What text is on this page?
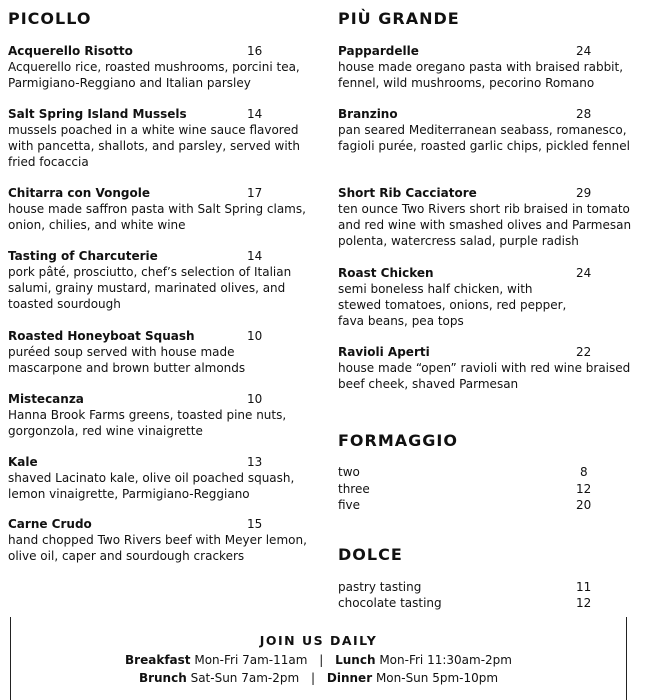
PICOLLO
Acquerello Risotto	16
Acquerello rice, roasted mushrooms, porcini tea, Parmigiano-Reggiano and Italian parsley
Salt Spring Island Mussels	14
mussels poached in a white wine sauce flavored with pancetta, shallots, and parsley, served with fried focaccia
Chitarra con Vongole	17
house made saffron pasta with Salt Spring clams, onion, chilies, and white wine
Tasting of Charcuterie	14
pork pâté, prosciutto, chef’s selection of Italian salumi, grainy mustard, marinated olives, and toasted sourdough
Roasted Honeyboat Squash	10
puréed soup served with house made mascarpone and brown butter almonds
Mistecanza	10
Hanna Brook Farms greens, toasted pine nuts, gorgonzola, red wine vinaigrette
Kale	13
shaved Lacinato kale, olive oil poached squash, lemon vinaigrette, Parmigiano-Reggiano
Carne Crudo	15
hand chopped Two Rivers beef with Meyer lemon, olive oil, caper and sourdough crackers
PIÙ GRANDE
Pappardelle	24
house made oregano pasta with braised rabbit, fennel, wild mushrooms, pecorino Romano
Branzino	28
pan seared Mediterranean seabass, romanesco, fagioli purée, roasted garlic chips, pickled fennel
Short Rib Cacciatore	29
ten ounce Two Rivers short rib braised in tomato and red wine with smashed olives and Parmesan polenta, watercress salad, purple radish
Roast Chicken	24
semi boneless half chicken, with stewed tomatoes, onions, red pepper, fava beans, pea tops
Ravioli Aperti	22
house made “open” ravioli with red wine braised beef cheek, shaved Parmesan
FORMAGGIO
two	8
three	12
five	20
DOLCE
pastry tasting	11
chocolate tasting	12
JOIN US DAILY
Breakfast Mon-Fri 7am-11am | Lunch Mon-Fri 11:30am-2pm
Brunch Sat-Sun 7am-2pm | Dinner Mon-Sun 5pm-10pm
